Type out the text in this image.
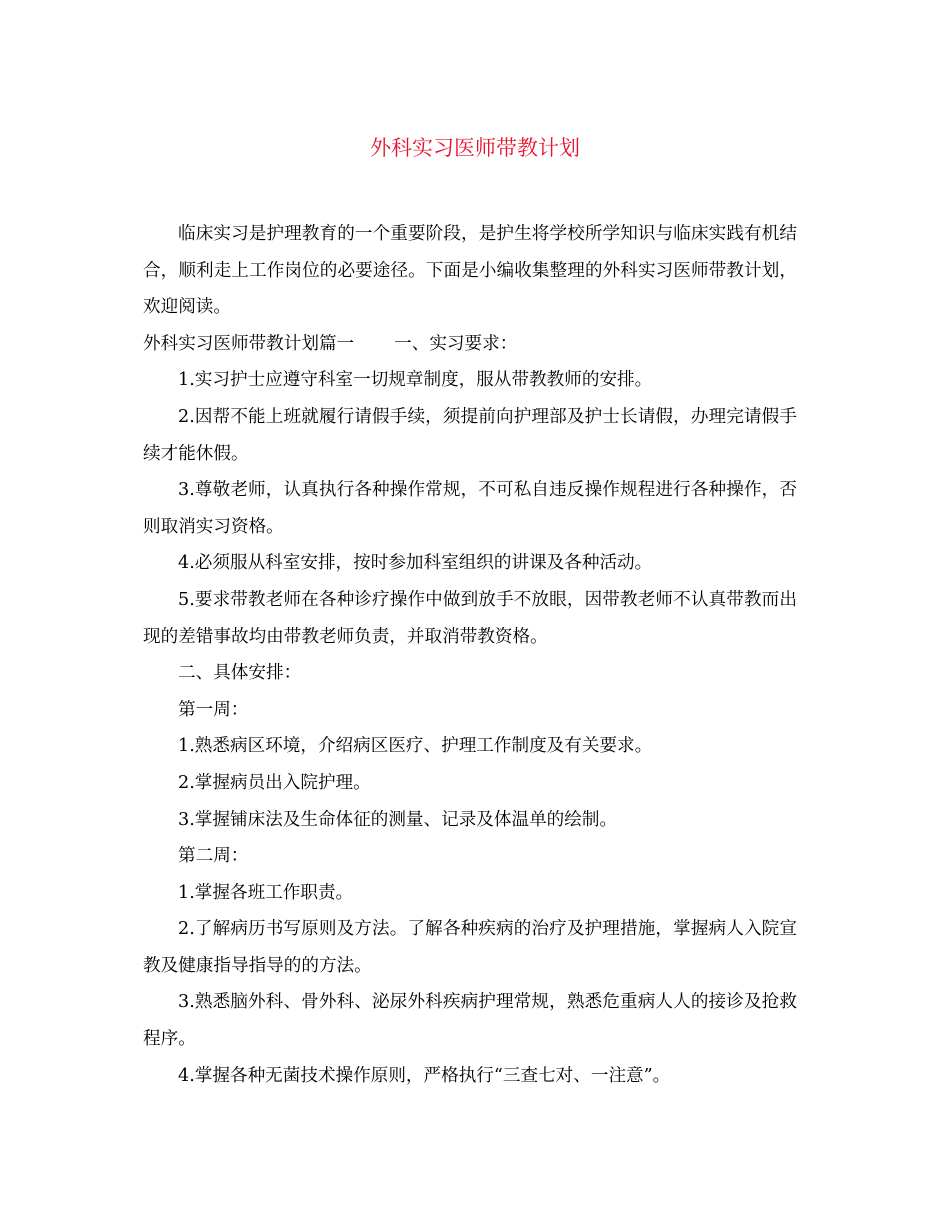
外科实习医师带教计划

临床实习是护理教育的一个重要阶段，是护生将学校所学知识与临床实践有机结合，顺利走上工作岗位的必要途径。下面是小编收集整理的外科实习医师带教计划，欢迎阅读。

外科实习医师带教计划篇一 一、实习要求：

1.实习护士应遵守科室一切规章制度，服从带教教师的安排。

2.因帮不能上班就履行请假手续，须提前向护理部及护士长请假，办理完请假手续才能休假。

3.尊敬老师，认真执行各种操作常规，不可私自违反操作规程进行各种操作，否则取消实习资格。

4.必须服从科室安排，按时参加科室组织的讲课及各种活动。

5.要求带教老师在各种诊疗操作中做到放手不放眼，因带教老师不认真带教而出现的差错事故均由带教老师负责，并取消带教资格。

二、具体安排：

第一周：

1.熟悉病区环境，介绍病区医疗、护理工作制度及有关要求。

2.掌握病员出入院护理。

3.掌握铺床法及生命体征的测量、记录及体温单的绘制。

第二周：

1.掌握各班工作职责。

2.了解病历书写原则及方法。了解各种疾病的治疗及护理措施，掌握病人入院宣教及健康指导指导的的方法。

3.熟悉脑外科、骨外科、泌尿外科疾病护理常规，熟悉危重病人人的接诊及抢救程序。

4.掌握各种无菌技术操作原则，严格执行“三查七对、一注意”。
